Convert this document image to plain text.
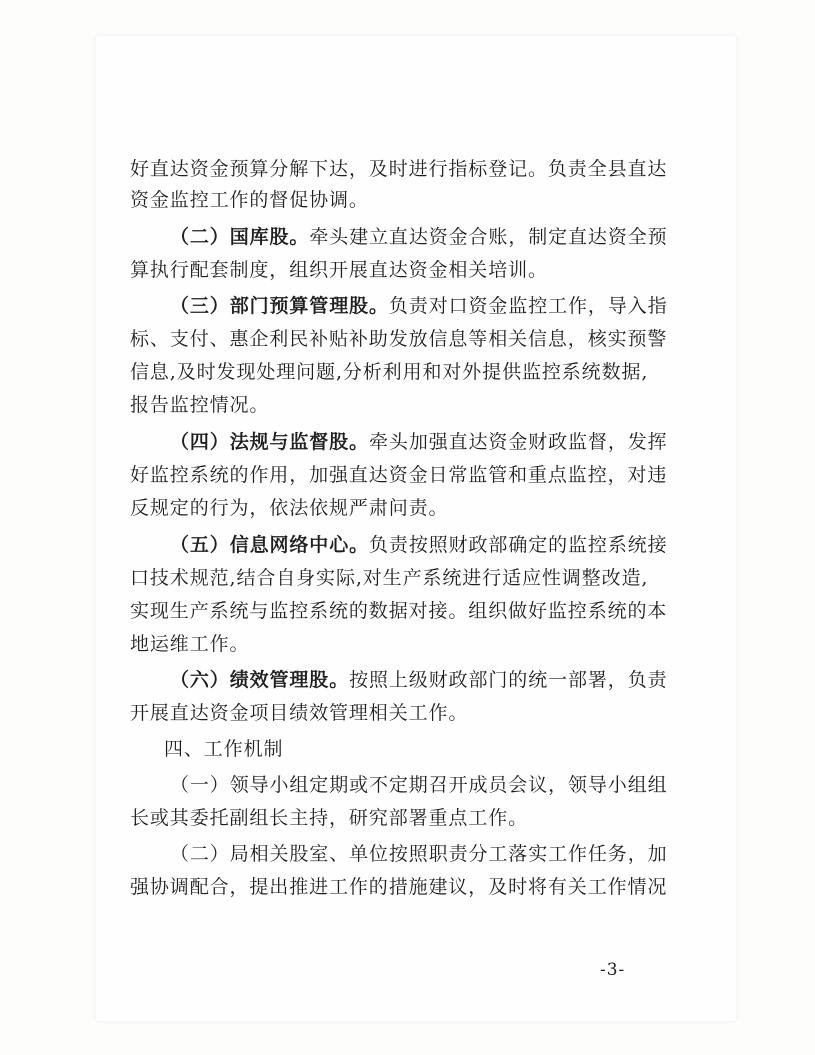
好直达资金预算分解下达，及时进行指标登记。负责全县直达
资金监控工作的督促协调。
（二）国库股。牵头建立直达资金合账，制定直达资全预
算执行配套制度，组织开展直达资金相关培训。
（三）部门预算管理股。负责对口资金监控工作，导入指
标、支付、惠企利民补贴补助发放信息等相关信息，核实预警
信息,及时发现处理问题,分析利用和对外提供监控系统数据,
报告监控情况。
（四）法规与监督股。牵头加强直达资金财政监督，发挥
好监控系统的作用，加强直达资金日常监管和重点监控，对违
反规定的行为，依法依规严肃问责。
（五）信息网络中心。负责按照财政部确定的监控系统接
口技术规范,结合自身实际,对生产系统进行适应性调整改造,
实现生产系统与监控系统的数据对接。组织做好监控系统的本
地运维工作。
（六）绩效管理股。按照上级财政部门的统一部署，负责
开展直达资金项目绩效管理相关工作。
四、工作机制
（一）领导小组定期或不定期召开成员会议，领导小组组
长或其委托副组长主持，研究部署重点工作。
（二）局相关股室、单位按照职责分工落实工作任务，加
强协调配合，提出推进工作的措施建议，及时将有关工作情况
-3-
